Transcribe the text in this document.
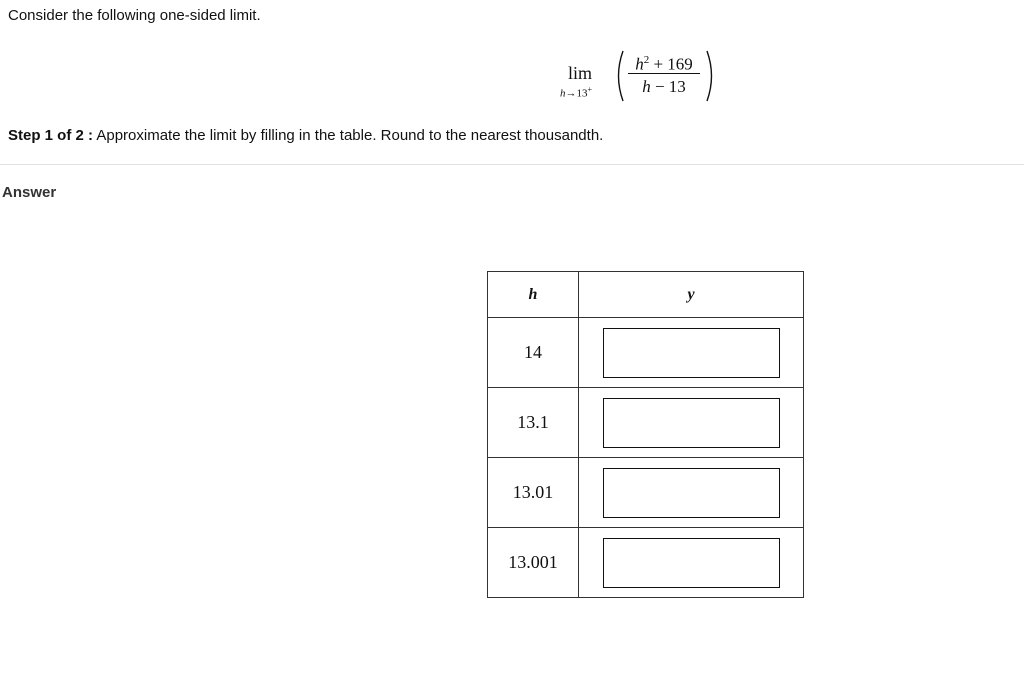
Consider the following one-sided limit.
lim
h→13+
$h^2 + 169$
h − 13
Step 1 of 2 : Approximate the limit by filling in the table. Round to the nearest thousandth.
Answer
h	y
14	

13.1	

13.01	

13.001	
